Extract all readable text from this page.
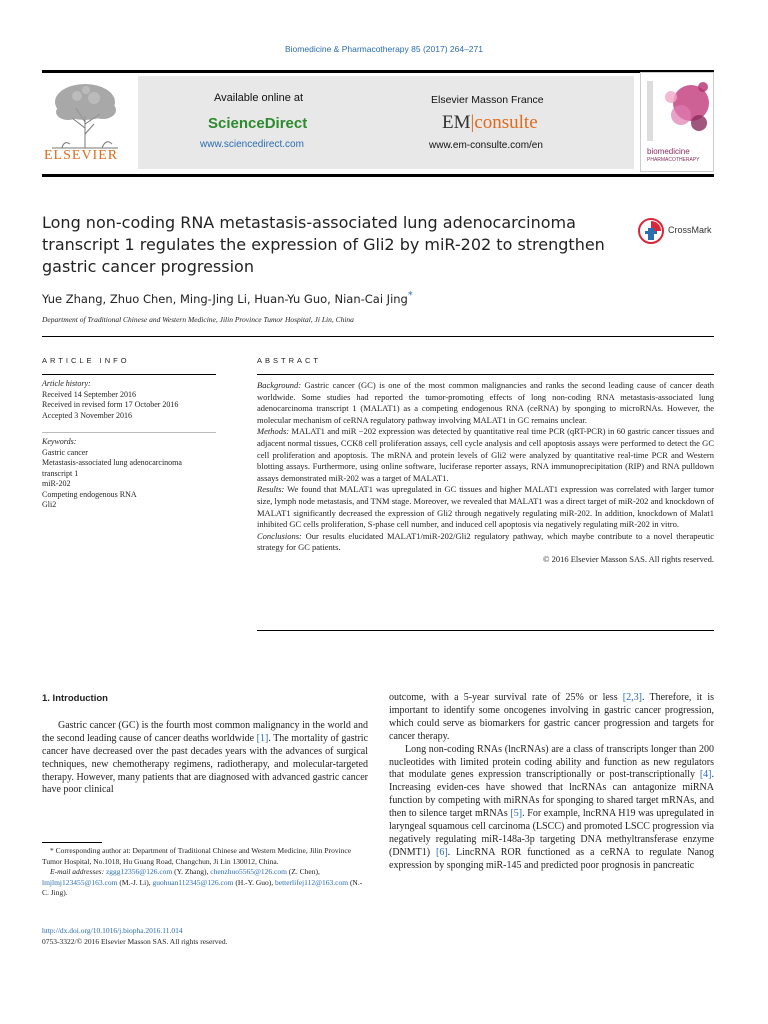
Biomedicine & Pharmacotherapy 85 (2017) 264–271
ELSEVIER
Available online at
ScienceDirect
www.sciencedirect.com
Elsevier Masson France
EM|consulte
www.em-consulte.com/en
biomedicine
PHARMACOTHERAPY
Long non-coding RNA metastasis-associated lung adenocarcinoma transcript 1 regulates the expression of Gli2 by miR-202 to strengthen gastric cancer progression
CrossMark
Yue Zhang, Zhuo Chen, Ming-Jing Li, Huan-Yu Guo, Nian-Cai Jing*
Department of Traditional Chinese and Western Medicine, Jilin Province Tumor Hospital, Ji Lin, China
ARTICLE INFO
Article history:
Received 14 September 2016
Received in revised form 17 October 2016
Accepted 3 November 2016
Keywords:
Gastric cancer
Metastasis-associated lung adenocarcinoma
transcript 1
miR-202
Competing endogenous RNA
Gli2
ABSTRACT

Background: Gastric cancer (GC) is one of the most common malignancies and ranks the second leading cause of cancer death worldwide. Some studies had reported the tumor-promoting effects of long non-coding RNA metastasis-associated lung adenocarcinoma transcript 1 (MALAT1) as a competing endogenous RNA (ceRNA) by sponging to microRNAs. However, the molecular mechanism of ceRNA regulatory pathway involving MALAT1 in GC remains unclear.

Methods: MALAT1 and miR −202 expression was detected by quantitative real time PCR (qRT-PCR) in 60 gastric cancer tissues and adjacent normal tissues, CCK8 cell proliferation assays, cell cycle analysis and cell apoptosis assays were performed to detect the GC cell proliferation and apoptosis. The mRNA and protein levels of Gli2 were analyzed by quantitative real-time PCR and Western blotting assays. Furthermore, using online software, luciferase reporter assays, RNA immunoprecipitation (RIP) and RNA pulldown assays demonstrated miR-202 was a target of MALAT1.

Results: We found that MALAT1 was upregulated in GC tissues and higher MALAT1 expression was correlated with larger tumor size, lymph node metastasis, and TNM stage. Moreover, we revealed that MALAT1 was a direct target of miR-202 and knockdown of MALAT1 significantly decreased the expression of Gli2 through negatively regulating miR-202. In addition, knockdown of Malat1 inhibited GC cells proliferation, S-phase cell number, and induced cell apoptosis via negatively regulating miR-202 in vitro.

Conclusions: Our results elucidated MALAT1/miR-202/Gli2 regulatory pathway, which maybe contribute to a novel therapeutic strategy for GC patients.

© 2016 Elsevier Masson SAS. All rights reserved.

1. Introduction

Gastric cancer (GC) is the fourth most common malignancy in the world and the second leading cause of cancer deaths worldwide [1]. The mortality of gastric cancer have decreased over the past decades years with the advances of surgical techniques, new chemotherapy regimens, radiotherapy, and molecular-targeted therapy. However, many patients that are diagnosed with advanced gastric cancer have poor clinical

* Corresponding author at: Department of Traditional Chinese and Western Medicine, Jilin Province Tumor Hospital, No.1018, Hu Guang Road, Changchun, Ji Lin 130012, China.
E-mail addresses: zggg12356@126.com (Y. Zhang), chenzhuo5565@126.com (Z. Chen), lmjlmj123455@163.com (M.-J. Li), guohuan112345@126.com (H.-Y. Guo), betterlifej112@163.com (N.-C. Jing).
http://dx.doi.org/10.1016/j.biopha.2016.11.014
0753-3322/© 2016 Elsevier Masson SAS. All rights reserved.

outcome, with a 5-year survival rate of 25% or less [2,3]. Therefore, it is important to identify some oncogenes involving in gastric cancer progression, which could serve as biomarkers for gastric cancer progression and targets for cancer therapy.

Long non-coding RNAs (lncRNAs) are a class of transcripts longer than 200 nucleotides with limited protein coding ability and function as new regulators that modulate genes expression transcriptionally or post-transcriptionally [4]. Increasing eviden-ces have showed that lncRNAs can antagonize miRNA function by competing with miRNAs for sponging to shared target mRNAs, and then to silence target mRNAs [5]. For example, lncRNA H19 was upregulated in laryngeal squamous cell carcinoma (LSCC) and promoted LSCC progression via negatively regulating miR-148a-3p targeting DNA methyltransferase enzyme (DNMT1) [6]. LincRNA ROR functioned as a ceRNA to regulate Nanog expression by sponging miR-145 and predicted poor prognosis in pancreatic
